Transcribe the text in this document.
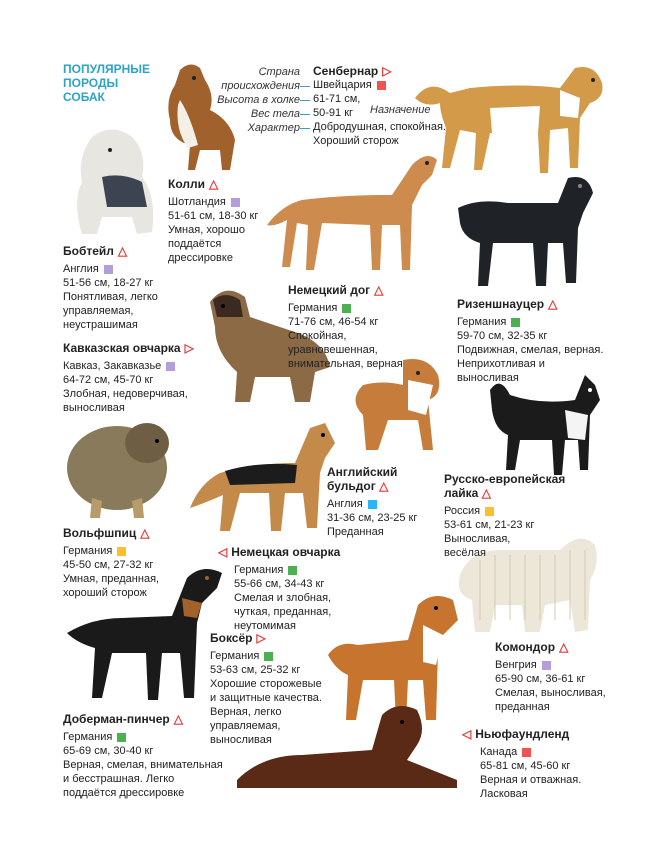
ПОПУЛЯРНЫЕ
ПОРОДЫ
СОБАК
Страна
происхождения
Высота в холке
Вес тела
Характер
Назначение
Сенбернар ▷
Швейцария
61-71 см,
50-91 кг
Добродушная, спокойная. Хороший сторож
Колли △
Шотландия
51-61 см, 18-30 кг
Умная, хорошо поддаётся дрессировке
Бобтейл △
Англия
51-56 см, 18-27 кг
Понятливая, легко управляемая, неустрашимая
Немецкий дог △
Германия
71-76 см, 46-54 кг
Спокойная, уравновешенная, внимательная, верная
Ризеншнауцер △
Германия
59-70 см, 32-35 кг
Подвижная, смелая, верная. Неприхотливая и выносливая
Кавказская овчарка ▷
Кавказ, Закавказье
64-72 см, 45-70 кг
Злобная, недоверчивая, выносливая
Английский бульдог △
Англия
31-36 см, 23-25 кг
Преданная
Русско-европейская лайка △
Россия
53-61 см, 21-23 кг
Выносливая, весёлая
Вольфшпиц △
Германия
45-50 см, 27-32 кг
Умная, преданная, хороший сторож
◁ Немецкая овчарка
Германия
55-66 см, 34-43 кг
Смелая и злобная, чуткая, преданная, неутомимая
Боксёр ▷
Германия
53-63 см, 25-32 кг
Хорошие сторожевые и защитные качества. Верная, легко управляемая, выносливая
Комондор △
Венгрия
65-90 см, 36-61 кг
Смелая, выносливая, преданная
Доберман-пинчер △
Германия
65-69 см, 30-40 кг
Верная, смелая, внимательная и бесстрашная. Легко поддаётся дрессировке
◁ Ньюфаундленд
Канада
65-81 см, 45-60 кг
Верная и отважная. Ласковая
